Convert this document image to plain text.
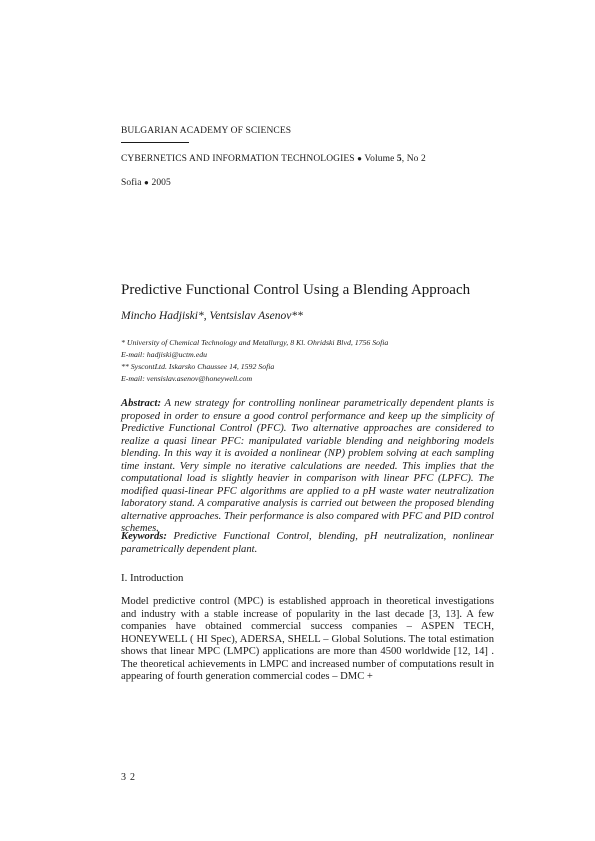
BULGARIAN ACADEMY OF SCIENCES
CYBERNETICS AND INFORMATION TECHNOLOGIES ● Volume 5, No 2
Sofia ● 2005
Predictive Functional Control Using a Blending Approach
Mincho Hadjiski*, Ventsislav Asenov**
* University of Chemical Technology and Metallurgy, 8 Kl. Ohridski Blvd, 1756 Sofia
E-mail: hadjiski@uctm.edu
** SyscontLtd. Iskarsko Chaussee 14, 1592 Sofia
E-mail: vensislav.asenov@honeywell.com
Abstract: A new strategy for controlling nonlinear parametrically dependent plants is proposed in order to ensure a good control performance and keep up the simplicity of Predictive Functional Control (PFC). Two alternative approaches are considered to realize a quasi linear PFC: manipulated variable blending and neighboring models blending. In this way it is avoided a nonlinear (NP) problem solving at each sampling time instant. Very simple no iterative calculations are needed. This implies that the computational load is slightly heavier in comparison with linear PFC (LPFC). The modified quasi-linear PFC algorithms are applied to a pH waste water neutralization laboratory stand. A comparative analysis is carried out between the proposed blending alternative approaches. Their performance is also compared with PFC and PID control schemes.
Keywords: Predictive Functional Control, blending, pH neutralization, nonlinear parametrically dependent plant.
I. Introduction
Model predictive control (MPC) is established approach in theoretical investigations and industry with a stable increase of popularity in the last decade [3, 13]. A few companies have obtained commercial success companies – ASPEN TECH, HONEYWELL ( HI Spec), ADERSA, SHELL – Global Solutions. The total estimation shows that linear MPC (LMPC) applications are more than 4500 worldwide [12, 14] . The theoretical achievements in LMPC and increased number of computations result in appearing of fourth generation commercial codes – DMC +
32
